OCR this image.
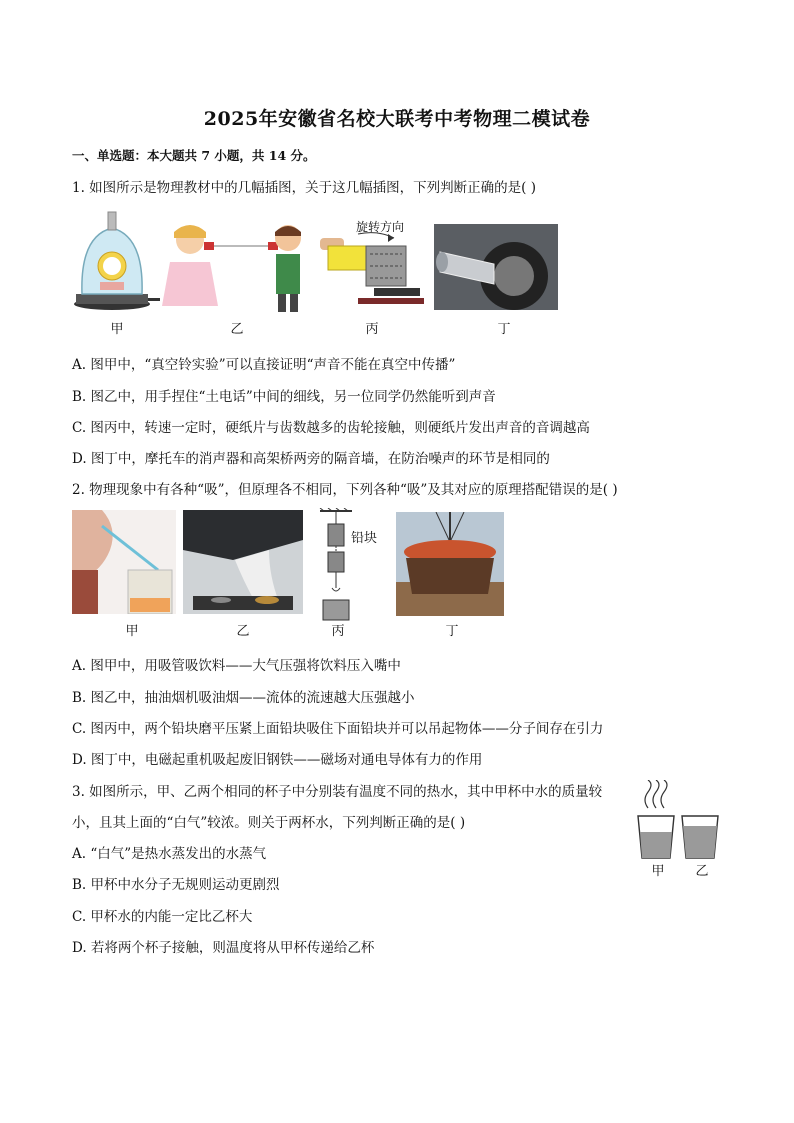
2025年安徽省名校大联考中考物理二模试卷
一、单选题：本大题共 7 小题，共 14 分。
1. 如图所示是物理教材中的几幅插图，关于这几幅插图，下列判断正确的是( )
甲	乙
旋转方向
丙	丁
A. 图甲中，“真空铃实验”可以直接证明“声音不能在真空中传播”
B. 图乙中，用手捏住“土电话”中间的细线，另一位同学仍然能听到声音
C. 图丙中，转速一定时，硬纸片与齿数越多的齿轮接触，则硬纸片发出声音的音调越高
D. 图丁中，摩托车的消声器和高架桥两旁的隔音墙，在防治噪声的环节是相同的
2. 物理现象中有各种“吸”，但原理各不相同，下列各种“吸”及其对应的原理搭配错误的是( )
甲	乙
铅块
丙	丁
A. 图甲中，用吸管吸饮料——大气压强将饮料压入嘴中
B. 图乙中，抽油烟机吸油烟——流体的流速越大压强越小
C. 图丙中，两个铅块磨平压紧上面铅块吸住下面铅块并可以吊起物体——分子间存在引力
D. 图丁中，电磁起重机吸起废旧钢铁——磁场对通电导体有力的作用
3. 如图所示，甲、乙两个相同的杯子中分别装有温度不同的热水，其中甲杯中水的质量较
小，且其上面的“白气”较浓。则关于两杯水，下列判断正确的是( )
甲	乙
A. “白气”是热水蒸发出的水蒸气
B. 甲杯中水分子无规则运动更剧烈
C. 甲杯水的内能一定比乙杯大
D. 若将两个杯子接触，则温度将从甲杯传递给乙杯
